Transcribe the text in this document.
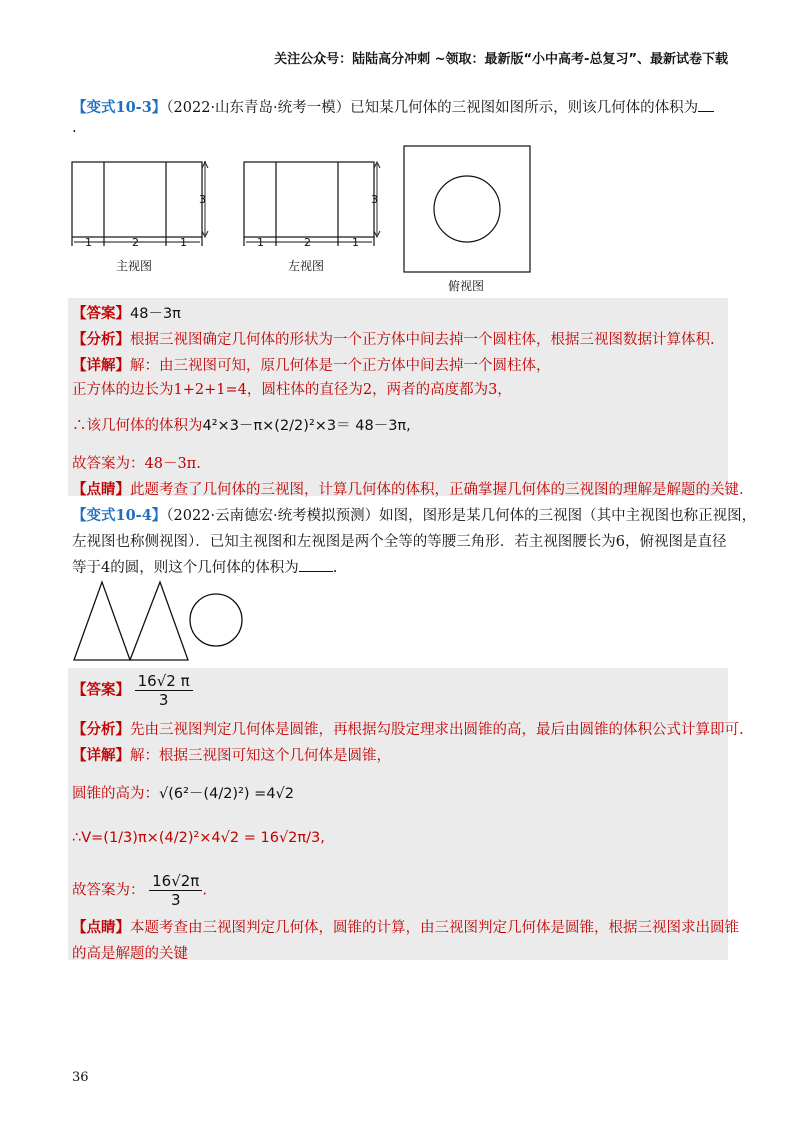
关注公众号：陆陆高分冲刺 ~领取：最新版“小中高考-总复习”、最新试卷下载
【变式10-3】（2022·山东青岛·统考一模）已知某几何体的三视图如图所示，则该几何体的体积为
.
1	2	1
3
主视图
1	2	1
3
左视图
俯视图
【答案】48－3π
【分析】根据三视图确定几何体的形状为一个正方体中间去掉一个圆柱体，根据三视图数据计算体积.
【详解】解：由三视图可知，原几何体是一个正方体中间去掉一个圆柱体，
正方体的边长为1+2+1=4，圆柱体的直径为2，两者的高度都为3，
∴该几何体的体积为4²×3－π×(2/2)²×3＝ 48－3π,
故答案为：48－3π.
【点睛】此题考查了几何体的三视图，计算几何体的体积，正确掌握几何体的三视图的理解是解题的关键.
【变式10-4】（2022·云南德宏·统考模拟预测）如图，图形是某几何体的三视图（其中主视图也称正视图，
左视图也称侧视图）．已知主视图和左视图是两个全等的等腰三角形．若主视图腰长为6，俯视图是直径
等于4的圆，则这个几何体的体积为 .
【答案】 $\frac{16√2 \pi}{3}$
【分析】先由三视图判定几何体是圆锥，再根据勾股定理求出圆锥的高，最后由圆锥的体积公式计算即可.
【详解】解：根据三视图可知这个几何体是圆锥，
圆锥的高为：√(6²－(4/2)²) =4√2
∴V=(1/3)π×(4/2)²×4√2 = 16√2π/3,
故答案为： $\frac{16√2\pi}{3}$ .
【点睛】本题考查由三视图判定几何体，圆锥的计算，由三视图判定几何体是圆锥，根据三视图求出圆锥
的高是解题的关键
36
